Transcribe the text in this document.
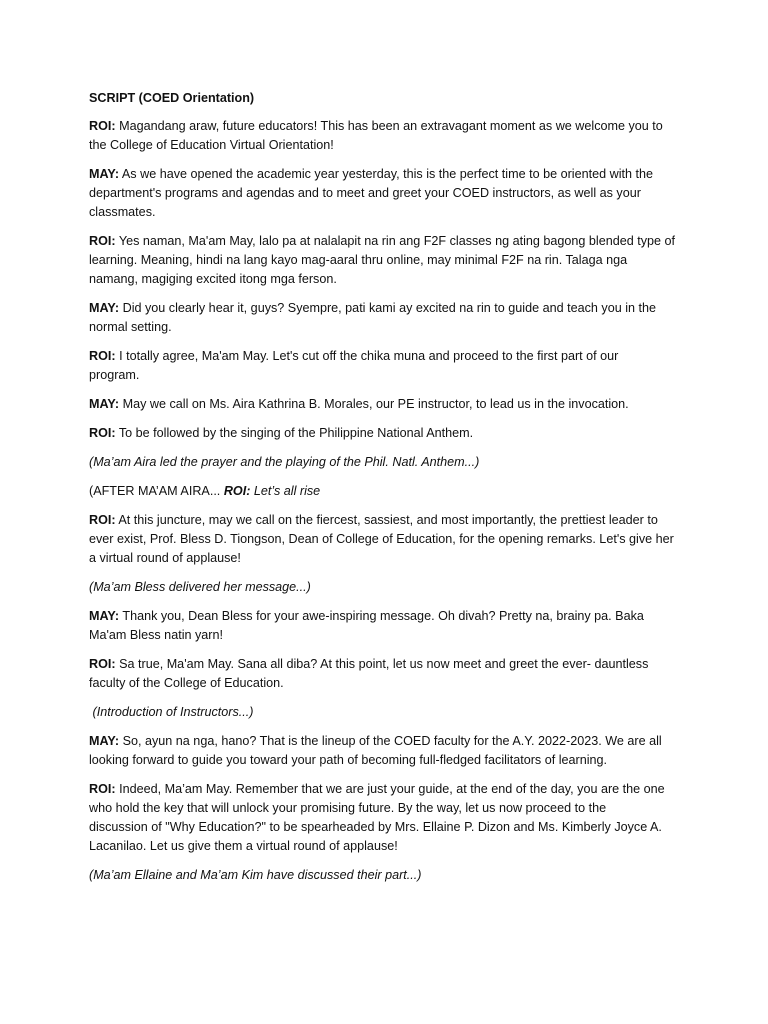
SCRIPT (COED Orientation)
ROI: Magandang araw, future educators! This has been an extravagant moment as we welcome you to
the College of Education Virtual Orientation!
MAY: As we have opened the academic year yesterday, this is the perfect time to be oriented with the
department's programs and agendas and to meet and greet your COED instructors, as well as your
classmates.
ROI: Yes naman, Ma'am May, lalo pa at nalalapit na rin ang F2F classes ng ating bagong blended type of
learning. Meaning, hindi na lang kayo mag-aaral thru online, may minimal F2F na rin. Talaga nga
namang, magiging excited itong mga ferson.
MAY: Did you clearly hear it, guys? Syempre, pati kami ay excited na rin to guide and teach you in the
normal setting.
ROI: I totally agree, Ma'am May. Let's cut off the chika muna and proceed to the first part of our
program.
MAY: May we call on Ms. Aira Kathrina B. Morales, our PE instructor, to lead us in the invocation.
ROI: To be followed by the singing of the Philippine National Anthem.
(Ma’am Aira led the prayer and the playing of the Phil. Natl. Anthem...)
(AFTER MA’AM AIRA... ROI: Let’s all rise
ROI: At this juncture, may we call on the fiercest, sassiest, and most importantly, the prettiest leader to
ever exist, Prof. Bless D. Tiongson, Dean of College of Education, for the opening remarks. Let's give her
a virtual round of applause!
(Ma’am Bless delivered her message...)
MAY: Thank you, Dean Bless for your awe-inspiring message. Oh divah? Pretty na, brainy pa. Baka
Ma'am Bless natin yarn!
ROI: Sa true, Ma'am May. Sana all diba? At this point, let us now meet and greet the ever- dauntless
faculty of the College of Education.
(Introduction of Instructors...)
MAY: So, ayun na nga, hano? That is the lineup of the COED faculty for the A.Y. 2022-2023. We are all
looking forward to guide you toward your path of becoming full-fledged facilitators of learning.
ROI: Indeed, Ma’am May. Remember that we are just your guide, at the end of the day, you are the one
who hold the key that will unlock your promising future. By the way, let us now proceed to the
discussion of "Why Education?" to be spearheaded by Mrs. Ellaine P. Dizon and Ms. Kimberly Joyce A.
Lacanilao. Let us give them a virtual round of applause!
(Ma’am Ellaine and Ma’am Kim have discussed their part...)
